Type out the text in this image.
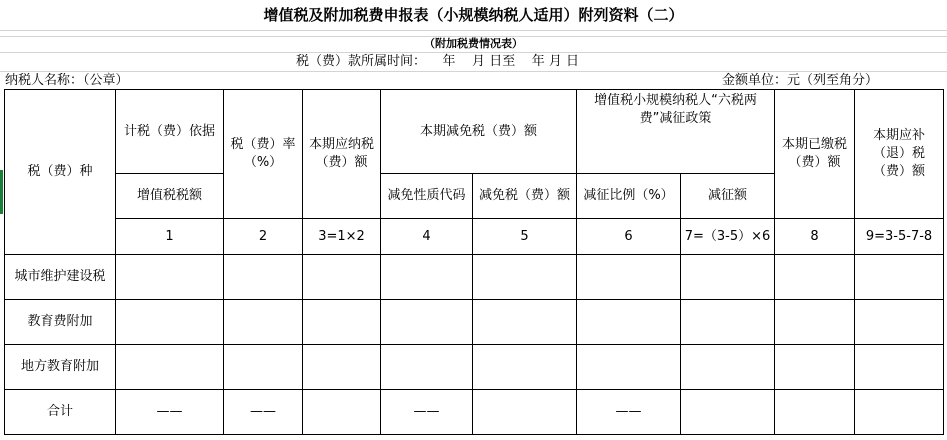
增值税及附加税费申报表（小规模纳税人适用）附列资料（二）
（附加税费情况表）
税（费）款所属时间：    年    月 日至    年 月 日
纳税人名称：（公章）	金额单位：元（列至角分）
税（费）种	计税（费）依据	税（费）率（%）	本期应纳税（费）额	本期减免税（费）额		增值税小规模纳税人“六税两费”减征政策		本期已缴税（费）额	本期应补（退）税（费）额
	增值税税额			减免性质代码	减免税（费）额	减征比例（%）	减征额		
	1	2	3=1×2	4	5	6	7=（3-5）×6	8	9=3-5-7-8
城市维护建设税									
教育费附加									
地方教育附加									
合计	——	——		——		——			
